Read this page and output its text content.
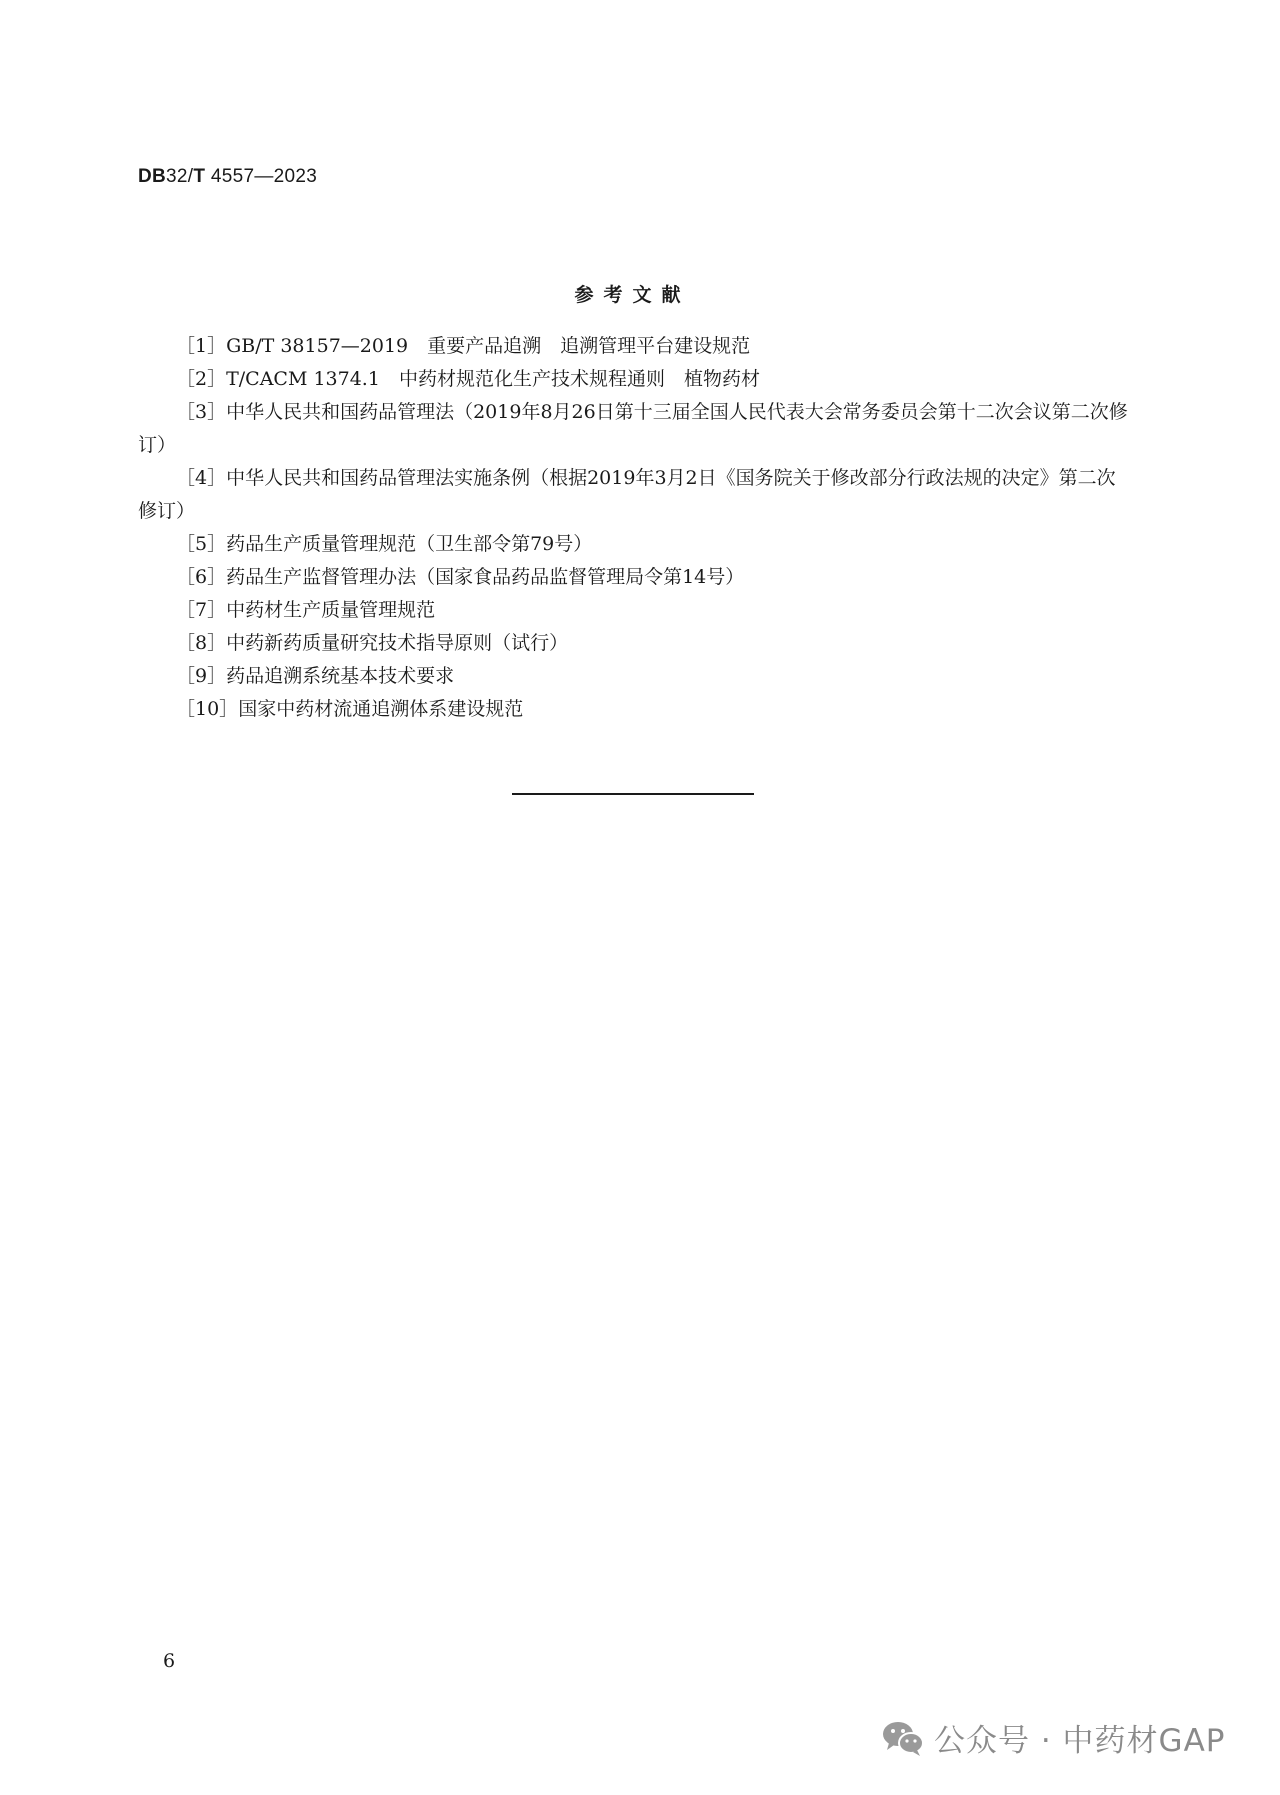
DB32/T 4557—2023
参考文献

［1］GB/T 38157—2019　重要产品追溯　追溯管理平台建设规范

［2］T/CACM 1374.1　中药材规范化生产技术规程通则　植物药材

［3］中华人民共和国药品管理法（2019年8月26日第十三届全国人民代表大会常务委员会第十二次会议第二次修订）

［4］中华人民共和国药品管理法实施条例（根据2019年3月2日《国务院关于修改部分行政法规的决定》第二次修订）

［5］药品生产质量管理规范（卫生部令第79号）

［6］药品生产监督管理办法（国家食品药品监督管理局令第14号）

［7］中药材生产质量管理规范

［8］中药新药质量研究技术指导原则（试行）

［9］药品追溯系统基本技术要求

［10］国家中药材流通追溯体系建设规范

6
公众号 · 中药材GAP
